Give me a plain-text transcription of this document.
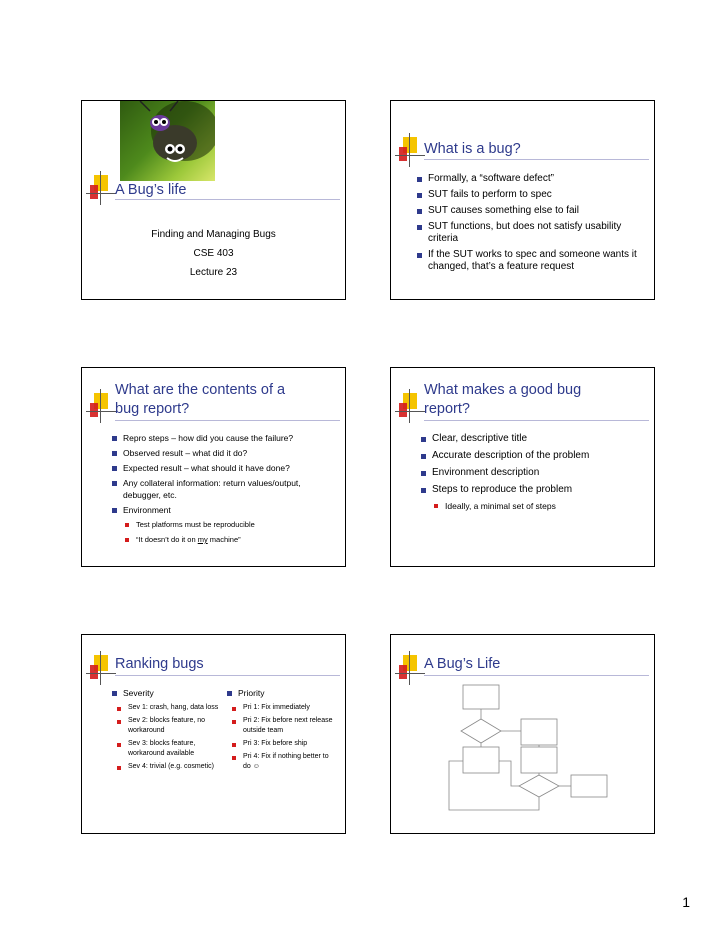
A Bug’s life
Finding and Managing Bugs
CSE 403
Lecture 23
What is a bug?
Formally, a “software defect”
SUT fails to perform to spec
SUT causes something else to fail
SUT functions, but does not satisfy usability criteria
If the SUT works to spec and someone wants it changed, that’s a feature request
What are the contents of a
bug report?
Repro steps – how did you cause the failure?
Observed result – what did it do?
Expected result – what should it have done?
Any collateral information: return values/output, debugger, etc.
Environment
Test platforms must be reproducible
“It doesn’t do it on my machine”
What makes a good bug
report?
Clear, descriptive title
Accurate description of the problem
Environment description
Steps to reproduce the problem
Ideally, a minimal set of steps
Ranking bugs
Severity
Sev 1: crash, hang, data loss
Sev 2: blocks feature, no workaround
Sev 3: blocks feature, workaround available
Sev 4: trivial (e.g. cosmetic)
Priority
Pri 1: Fix immediately
Pri 2: Fix before next release outside team
Pri 3: Fix before ship
Pri 4: Fix if nothing better to do ☺
A Bug’s Life
1
